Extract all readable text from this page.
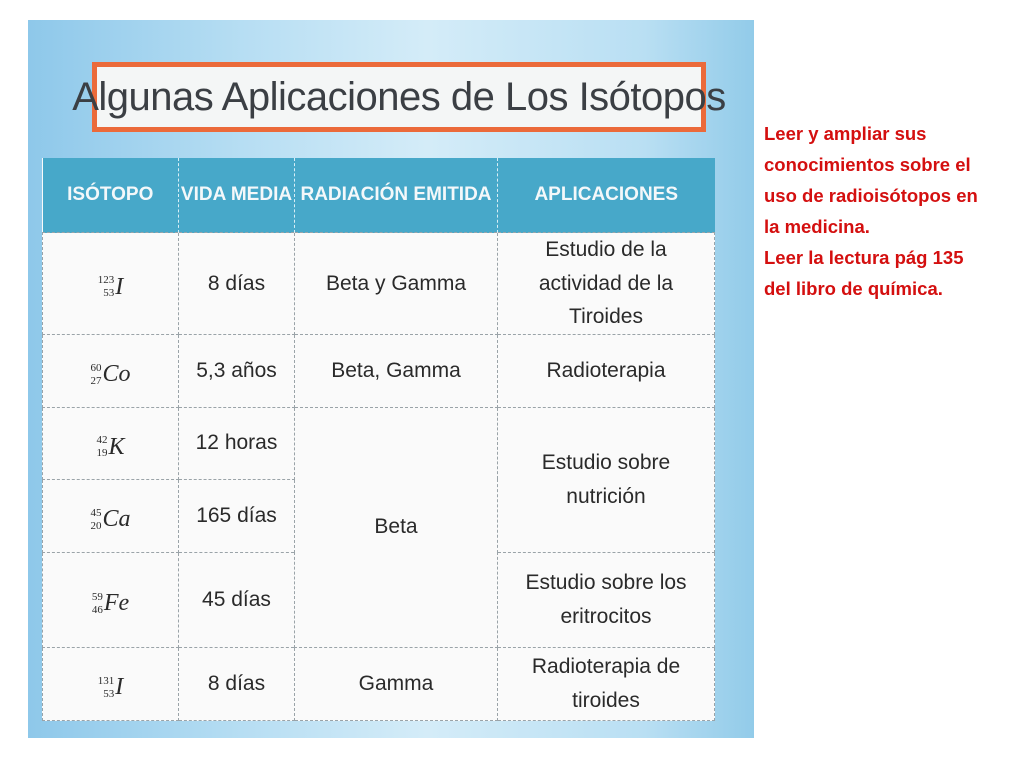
Algunas Aplicaciones de Los Isótopos
ISÓTOPO	VIDA MEDIA	RADIACIÓN EMITIDA	APLICACIONES

123
53 I	8 días	Beta y Gamma	Estudio de la actividad de la Tiroides

60
27 Co	5,3 años	Beta, Gamma	Radioterapia

42
19 K	12 horas	Beta	Estudio sobre nutrición

45
20 Ca	165 días		

59
46 Fe	45 días		Estudio sobre los eritrocitos

131
53 I	8 días	Gamma	Radioterapia de tiroides
Leer y ampliar sus conocimientos sobre el uso de radioisótopos en la medicina.
Leer la lectura pág 135 del libro de química.
